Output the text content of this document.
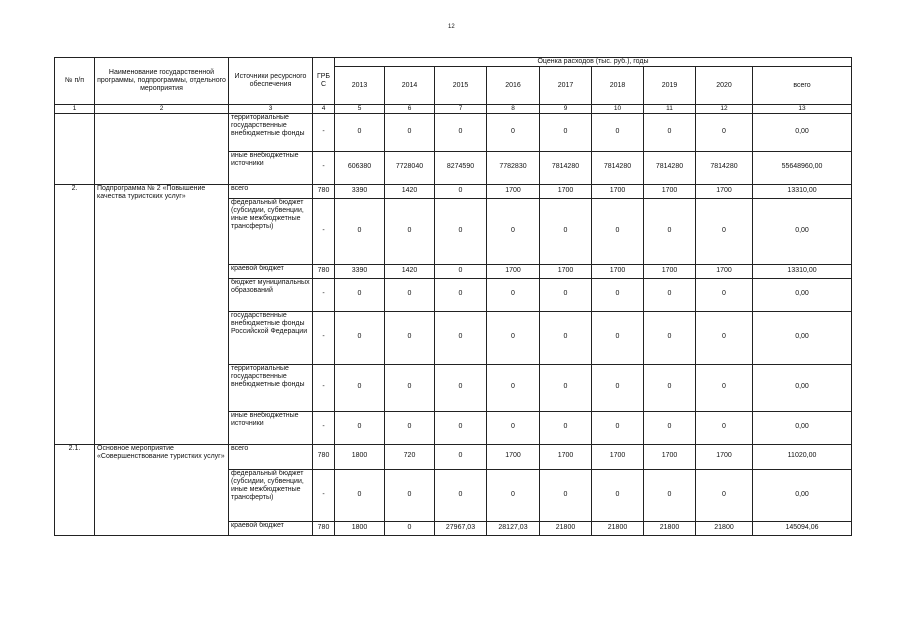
12
№ п/п	Наименование государственной программы, подпрограммы, отдельного мероприятия	Источники ресурсного обеспечения	ГРБ С	Оценка расходов (тыс. руб.), годы								
				2013	2014	2015	2016	2017	2018	2019	2020	всего
1	2	3	4	5	6	7	8	9	10	11	12	13
		территориальные государственные внебюджетные фонды	-	0	0	0	0	0	0	0	0	0,00
		иные внебюджетные источники	-	606380	7728040	8274590	7782830	7814280	7814280	7814280	7814280	55648960,00
2.	Подпрограмма № 2 «Повышение качества туристских услуг»	всего	780	3390	1420	0	1700	1700	1700	1700	1700	13310,00
		федеральный бюджет (субсидии, субвенции, иные межбюджетные трансферты)	-	0	0	0	0	0	0	0	0	0,00
		краевой бюджет	780	3390	1420	0	1700	1700	1700	1700	1700	13310,00
		бюджет муниципальных образований	-	0	0	0	0	0	0	0	0	0,00
		государственные внебюджетные фонды Российской Федерации	-	0	0	0	0	0	0	0	0	0,00
		территориальные государственные внебюджетные фонды	-	0	0	0	0	0	0	0	0	0,00
		иные внебюджетные источники	-	0	0	0	0	0	0	0	0	0,00
2.1.	Основное мероприятие «Совершенствование туристких услуг»	всего	780	1800	720	0	1700	1700	1700	1700	1700	11020,00
		федеральный бюджет (субсидии, субвенции, иные межбюджетные трансферты)	-	0	0	0	0	0	0	0	0	0,00
		краевой бюджет	780	1800	0	27967,03	28127,03	21800	21800	21800	21800	145094,06
